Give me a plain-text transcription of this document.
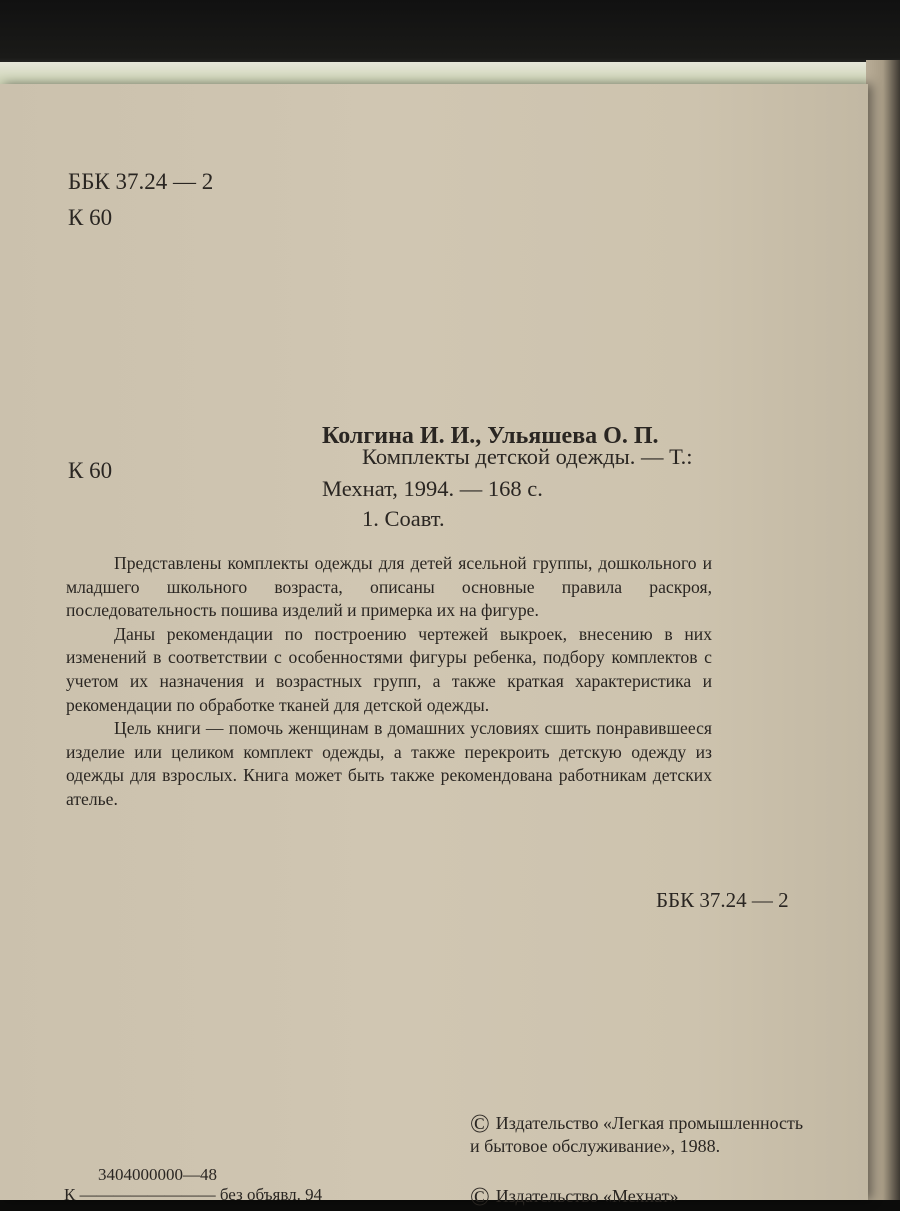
ББК 37.24 — 2
К 60
Колгина И. И., Ульяшева О. П.
К 60
Комплекты детской одежды. — Т.:
Мехнат, 1994. — 168 с.
1. Соавт.

Представлены комплекты одежды для детей ясельной группы, дошкольного и младшего школьного возраста, описаны основные правила раскроя, последовательность пошива изделий и примерка их на фигуре.

Даны рекомендации по построению чертежей выкроек, внесению в них изменений в соответствии с особенностями фигуры ребенка, подбору комплектов с учетом их назначения и возрастных групп, а также краткая характеристика и рекомендации по обработке тканей для детской одежды.

Цель книги — помочь женщинам в домашних условиях сшить понравившееся изделие или целиком комплект одежды, а также перекроить детскую одежду из одежды для взрослых. Книга может быть также рекомендована работникам детских ателье.

ББК 37.24 — 2
© Издательство «Легкая промышленность и бытовое обслуживание», 1988.
3404000000—48
К ———————— без объявл. 94	© Издательство «Мехнат»
